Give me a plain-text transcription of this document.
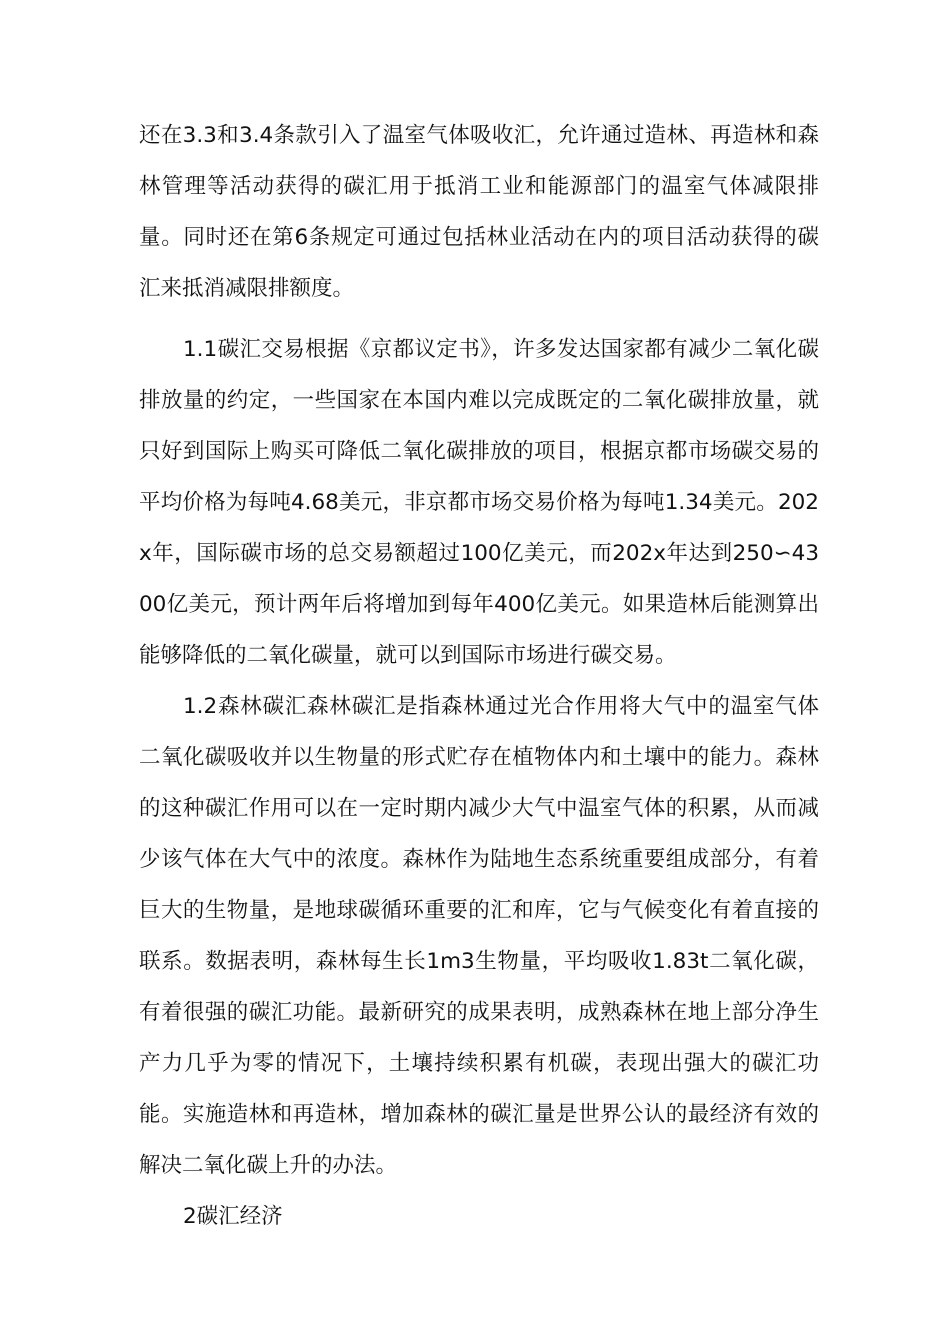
还在3.3和3.4条款引入了温室气体吸收汇，允许通过造林、再造林和森林管理等活动获得的碳汇用于抵消工业和能源部门的温室气体减限排量。同时还在第6条规定可通过包括林业活动在内的项目活动获得的碳汇来抵消减限排额度。

1.1碳汇交易根据《京都议定书》，许多发达国家都有减少二氧化碳排放量的约定，一些国家在本国内难以完成既定的二氧化碳排放量，就只好到国际上购买可降低二氧化碳排放的项目，根据京都市场碳交易的平均价格为每吨4.68美元，非京都市场交易价格为每吨1.34美元。202x年，国际碳市场的总交易额超过100亿美元，而202x年达到250∽4300亿美元，预计两年后将增加到每年400亿美元。如果造林后能测算出能够降低的二氧化碳量，就可以到国际市场进行碳交易。

1.2森林碳汇森林碳汇是指森林通过光合作用将大气中的温室气体二氧化碳吸收并以生物量的形式贮存在植物体内和土壤中的能力。森林的这种碳汇作用可以在一定时期内减少大气中温室气体的积累，从而减少该气体在大气中的浓度。森林作为陆地生态系统重要组成部分，有着巨大的生物量，是地球碳循环重要的汇和库，它与气候变化有着直接的联系。数据表明，森林每生长1m3生物量，平均吸收1.83t二氧化碳，有着很强的碳汇功能。最新研究的成果表明，成熟森林在地上部分净生产力几乎为零的情况下，土壤持续积累有机碳，表现出强大的碳汇功能。实施造林和再造林，增加森林的碳汇量是世界公认的最经济有效的解决二氧化碳上升的办法。

2碳汇经济
